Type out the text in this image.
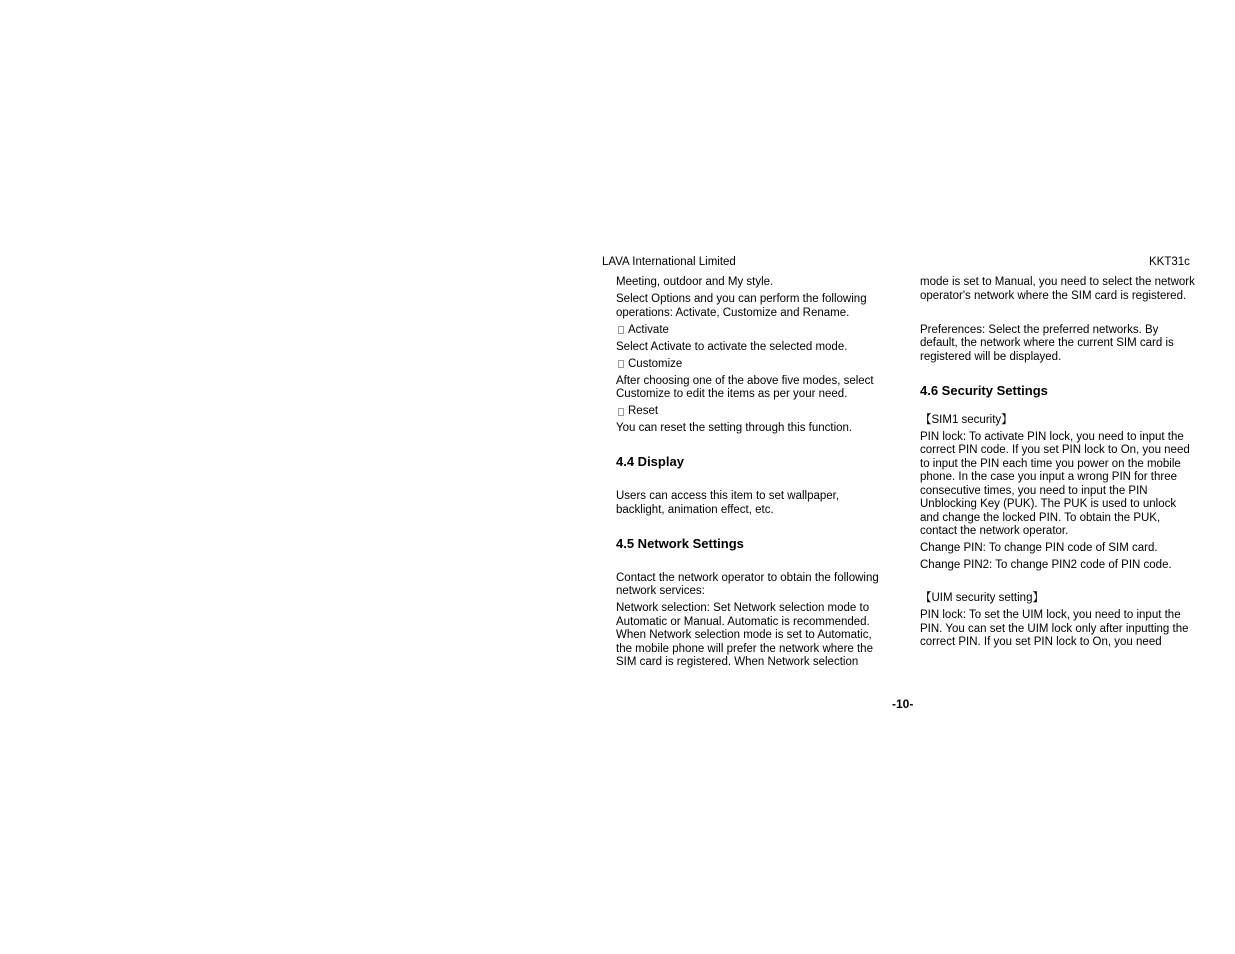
LAVA International Limited	KKT31c

Meeting, outdoor and My style.

Select Options and you can perform the following operations: Activate, Customize and Rename.

Activate

Select Activate to activate the selected mode.

Customize

After choosing one of the above five modes, select Customize to edit the items as per your need.

Reset

You can reset the setting through this function.

4.4 Display

Users can access this item to set wallpaper, backlight, animation effect, etc.

4.5 Network Settings

Contact the network operator to obtain the following network services:

Network selection: Set Network selection mode to Automatic or Manual. Automatic is recommended. When Network selection mode is set to Automatic, the mobile phone will prefer the network where the SIM card is registered. When Network selection

mode is set to Manual, you need to select the network operator's network where the SIM card is registered.

Preferences: Select the preferred networks. By default, the network where the current SIM card is registered will be displayed.

4.6 Security Settings
【SIM1 security】

PIN lock: To activate PIN lock, you need to input the correct PIN code. If you set PIN lock to On, you need to input the PIN each time you power on the mobile phone. In the case you input a wrong PIN for three consecutive times, you need to input the PIN Unblocking Key (PUK). The PUK is used to unlock and change the locked PIN. To obtain the PUK, contact the network operator.

Change PIN: To change PIN code of SIM card.

Change PIN2: To change PIN2 code of PIN code.

【UIM security setting】

PIN lock: To set the UIM lock, you need to input the PIN. You can set the UIM lock only after inputting the correct PIN. If you set PIN lock to On, you need

-10-
